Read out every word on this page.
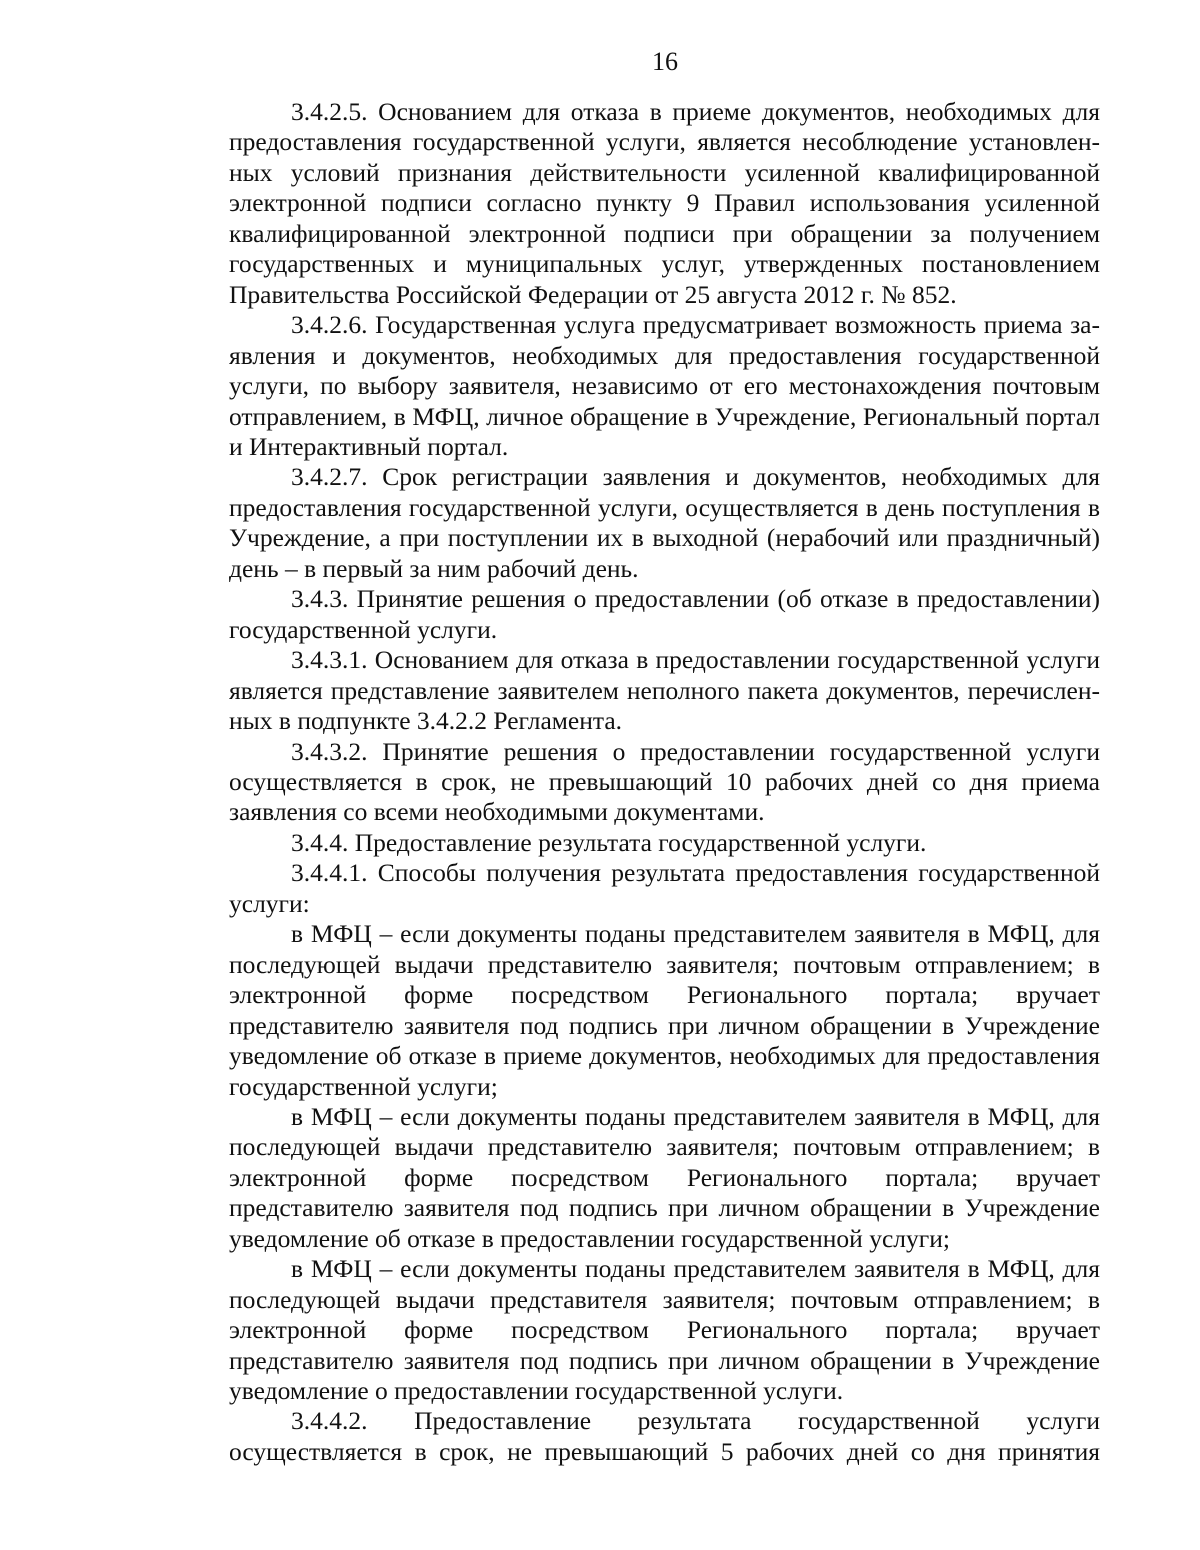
16

3.4.2.5. Основанием для отказа в приеме документов, необходимых для предоставления государственной услуги, является несоблюдение установленных условий признания действительности усиленной квалифицированной электронной подписи согласно пункту 9 Правил использования усиленной квалифицированной электронной подписи при обращении за получением государственных и муниципальных услуг, утвержденных постановлением Правительства Российской Федерации от 25 августа 2012 г. № 852.

3.4.2.6. Государственная услуга предусматривает возможность приема заявления и документов, необходимых для предоставления государственной услуги, по выбору заявителя, независимо от его местонахождения почтовым отправлением, в МФЦ, личное обращение в Учреждение, Региональный портал и Интерактивный портал.

3.4.2.7. Срок регистрации заявления и документов, необходимых для предоставления государственной услуги, осуществляется в день поступления в Учреждение, а при поступлении их в выходной (нерабочий или праздничный) день – в первый за ним рабочий день.

3.4.3. Принятие решения о предоставлении (об отказе в предоставлении) государственной услуги.

3.4.3.1. Основанием для отказа в предоставлении государственной услуги является представление заявителем неполного пакета документов, перечисленных в подпункте 3.4.2.2 Регламента.

3.4.3.2. Принятие решения о предоставлении государственной услуги осуществляется в срок, не превышающий 10 рабочих дней со дня приема заявления со всеми необходимыми документами.

3.4.4. Предоставление результата государственной услуги.

3.4.4.1. Способы получения результата предоставления государственной услуги:

в МФЦ – если документы поданы представителем заявителя в МФЦ, для последующей выдачи представителю заявителя; почтовым отправлением; в электронной форме посредством Регионального портала; вручает представителю заявителя под подпись при личном обращении в Учреждение уведомление об отказе в приеме документов, необходимых для предоставления государственной услуги;

в МФЦ – если документы поданы представителем заявителя в МФЦ, для последующей выдачи представителю заявителя; почтовым отправлением; в электронной форме посредством Регионального портала; вручает представителю заявителя под подпись при личном обращении в Учреждение уведомление об отказе в предоставлении государственной услуги;

в МФЦ – если документы поданы представителем заявителя в МФЦ, для последующей выдачи представителя заявителя; почтовым отправлением; в электронной форме посредством Регионального портала; вручает представителю заявителя под подпись при личном обращении в Учреждение уведомление о предоставлении государственной услуги.

3.4.4.2. Предоставление результата государственной услуги осуществляется в срок, не превышающий 5 рабочих дней со дня принятия
